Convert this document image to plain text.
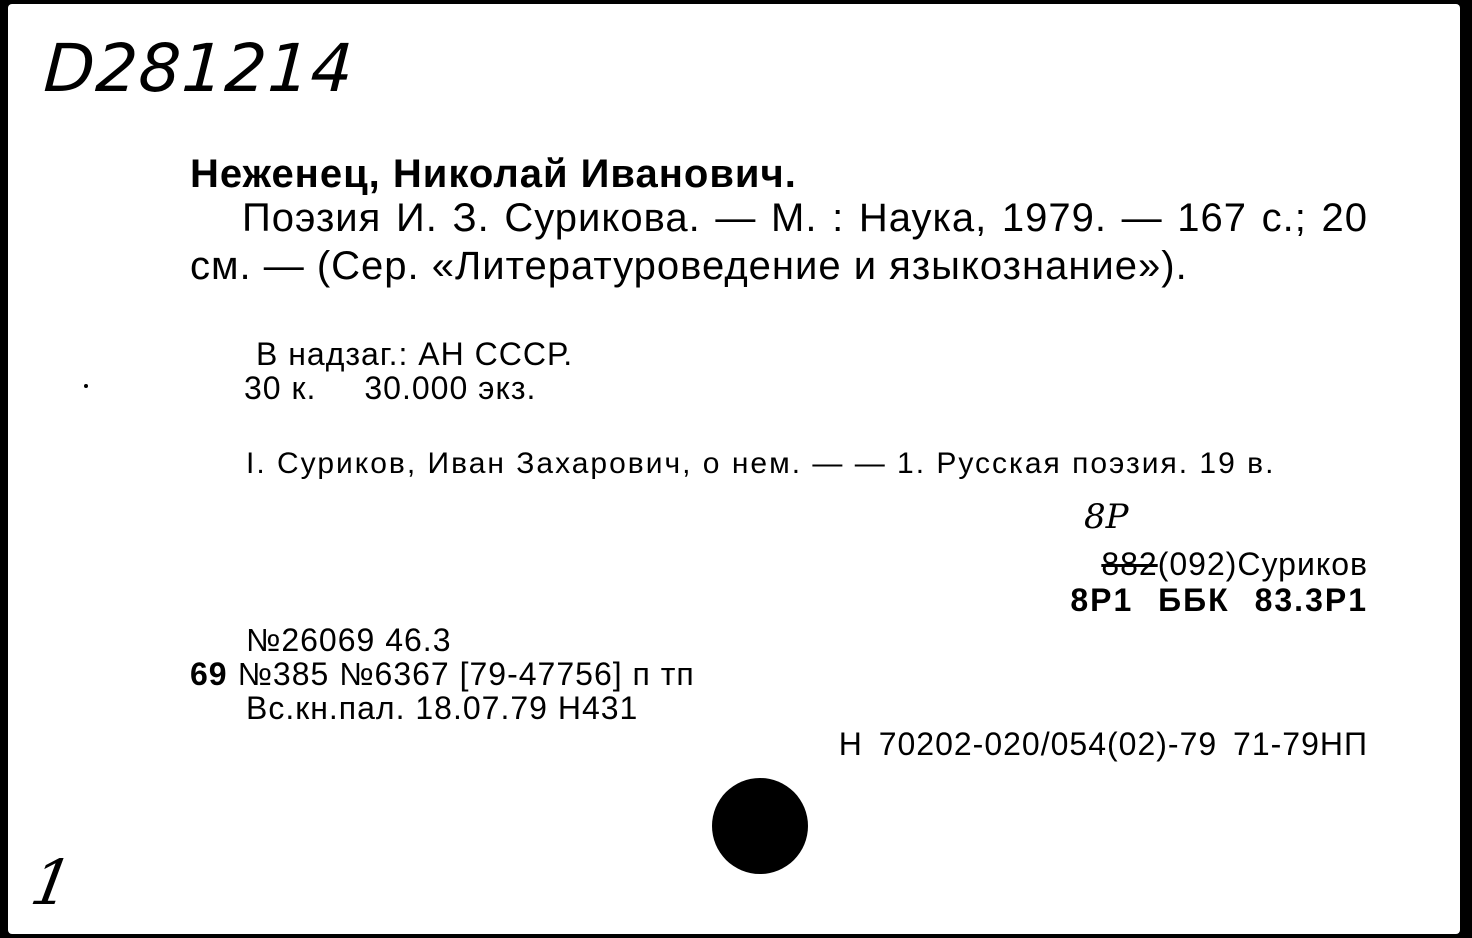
D281214
Неженец, Николай Иванович.
Поэзия И. З. Сурикова. — М. : Наука, 1979. — 167 с.; 20 см. — (Сер. «Литературоведение и языкознание»).
В надзаг.: АН СССР.
30 к. 30.000 экз.
I. Суриков, Иван Захарович, о нем. — — 1. Русская поэзия. 19 в.
8Р
882(092)Суриков
8Р1 ББК 83.3Р1
№26069 46.3
69 №385 №6367 [79-47756] п тп
Вс.кн.пал. 18.07.79 Н431
Н 70202-020/054(02)-79 71-79НП
1
